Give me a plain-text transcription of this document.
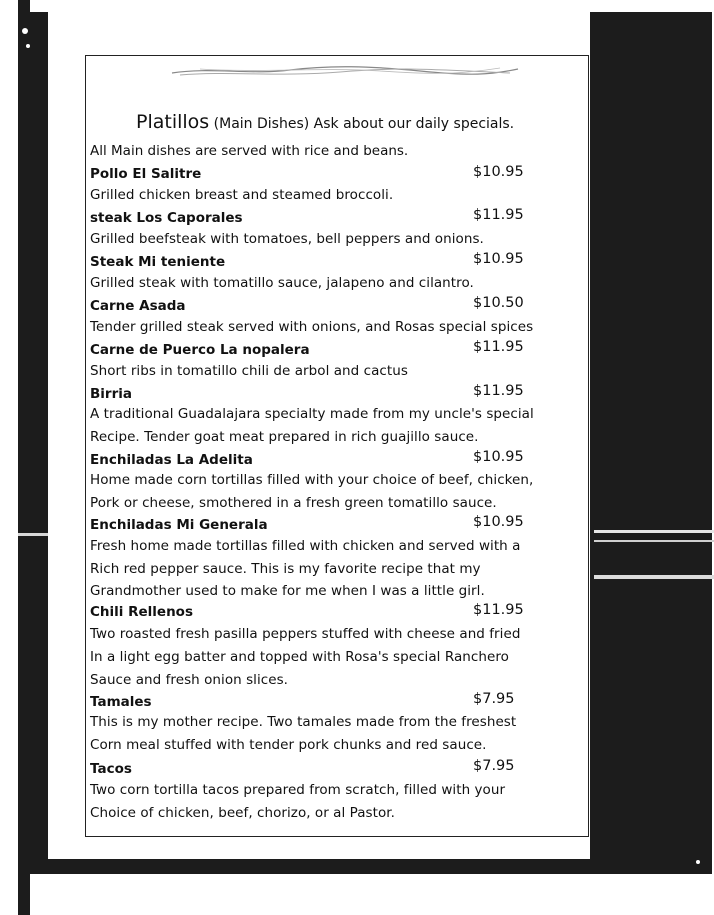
Platillos (Main Dishes) Ask about our daily specials.
All Main dishes are served with rice and beans.
Pollo El Salitre	$10.95
Grilled chicken breast and steamed broccoli.
steak Los Caporales	$11.95
Grilled beefsteak with tomatoes, bell peppers and onions.
Steak Mi teniente	$10.95
Grilled steak with tomatillo sauce, jalapeno and cilantro.
Carne Asada	$10.50
Tender grilled steak served with onions, and Rosas special spices
Carne de Puerco La nopalera	$11.95
Short ribs in tomatillo chili de arbol and cactus
Birria	$11.95
A traditional Guadalajara specialty made from my uncle's special
Recipe. Tender goat meat prepared in rich guajillo sauce.
Enchiladas La Adelita	$10.95
Home made corn tortillas filled with your choice of beef, chicken,
Pork or cheese, smothered in a fresh green tomatillo sauce.
Enchiladas Mi Generala	$10.95
Fresh home made tortillas filled with chicken and served with a
Rich red pepper sauce. This is my favorite recipe that my
Grandmother used to make for me when I was a little girl.
Chili Rellenos	$11.95
Two roasted fresh pasilla peppers stuffed with cheese and fried
In a light egg batter and topped with Rosa's special Ranchero
Sauce and fresh onion slices.
Tamales	$7.95
This is my mother recipe. Two tamales made from the freshest
Corn meal stuffed with tender pork chunks and red sauce.
Tacos	$7.95
Two corn tortilla tacos prepared from scratch, filled with your
Choice of chicken, beef, chorizo, or al Pastor.
